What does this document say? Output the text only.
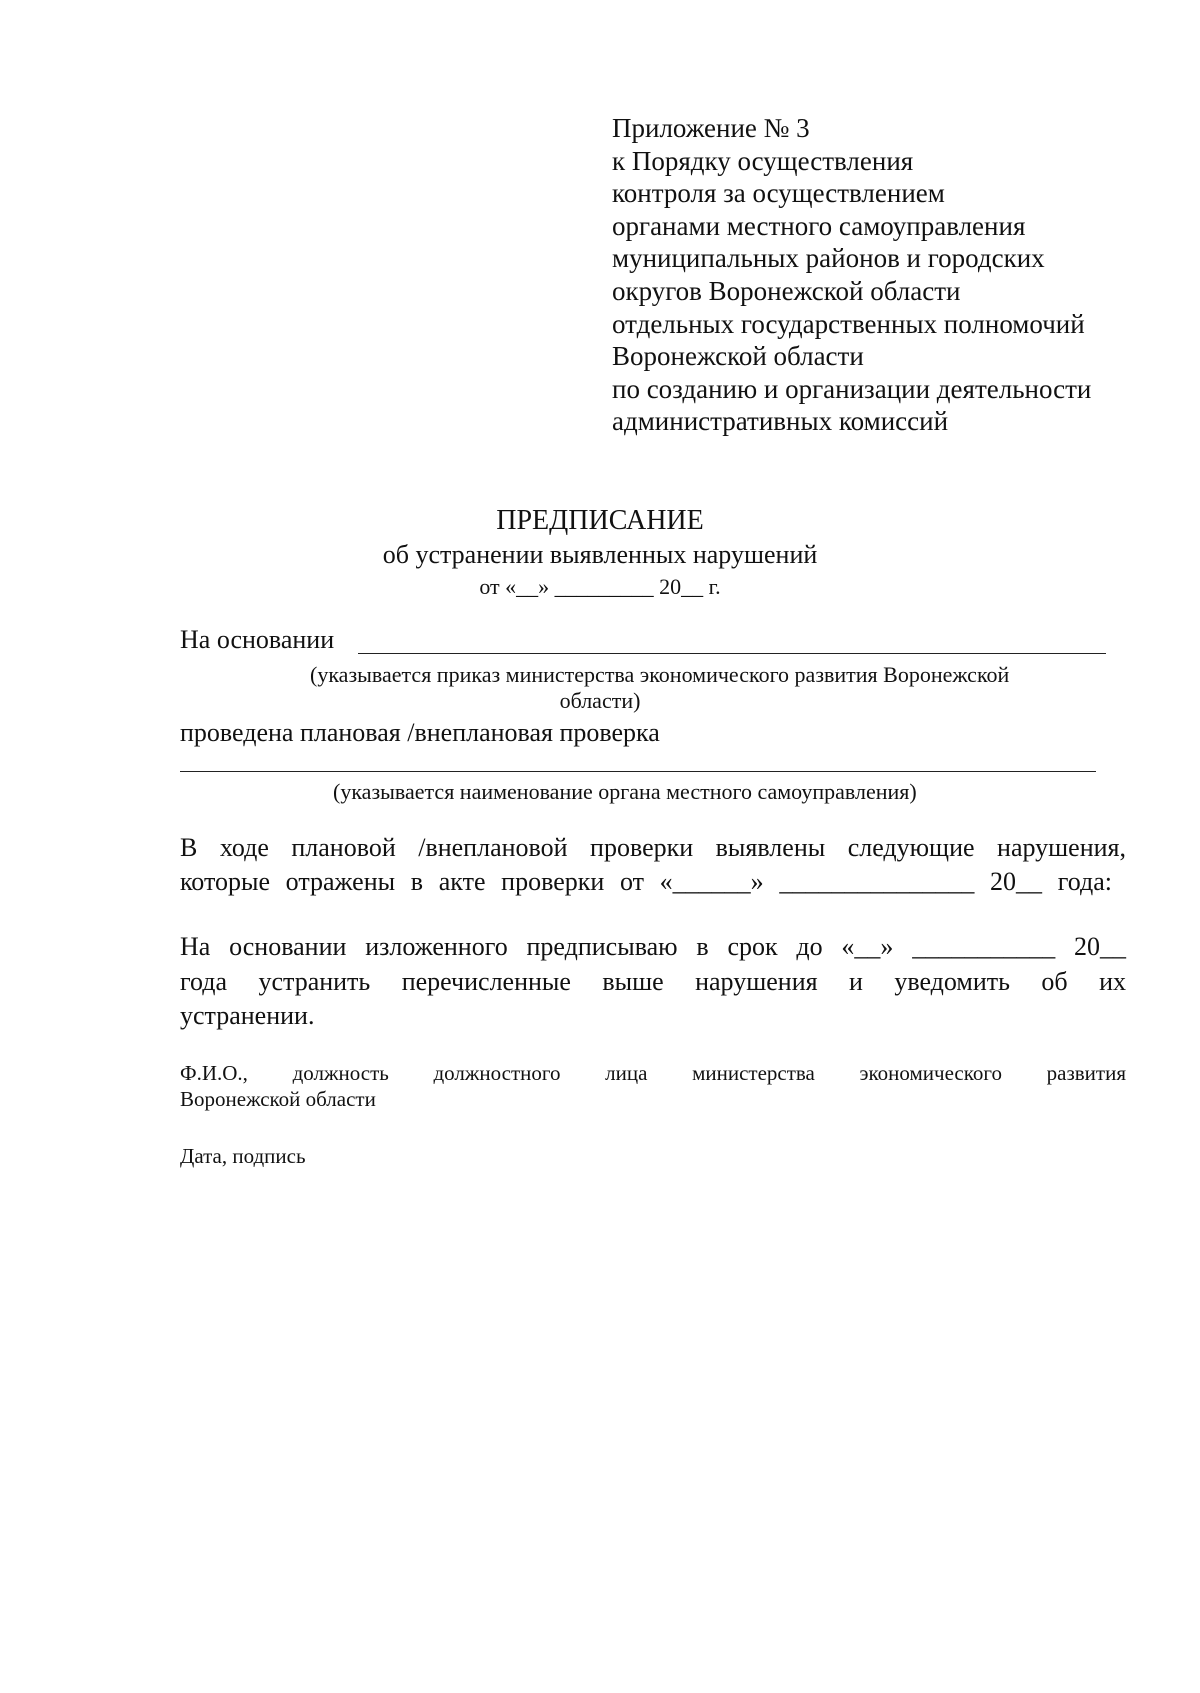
Приложение № 3
к Порядку осуществления
контроля за осуществлением
органами местного самоуправления
муниципальных районов и городских
округов Воронежской области
отдельных государственных полномочий
Воронежской области
по созданию и организации деятельности
административных комиссий
ПРЕДПИСАНИЕ
об устранении выявленных нарушений
от «__» _________ 20__ г.
На основании
(указывается приказ министерства экономического развития Воронежской
области)
проведена плановая /внеплановая проверка
(указывается наименование органа местного самоуправления)
В ходе плановой /внеплановой проверки выявлены следующие нарушения,
которые отражены в акте проверки от «______» _______________ 20__ года:
На основании изложенного предписываю в срок до «__» ___________ 20__
года устранить перечисленные выше нарушения и уведомить об их
устранении.
Ф.И.О., должность должностного лица министерства экономического развития
Воронежской области
Дата, подпись
